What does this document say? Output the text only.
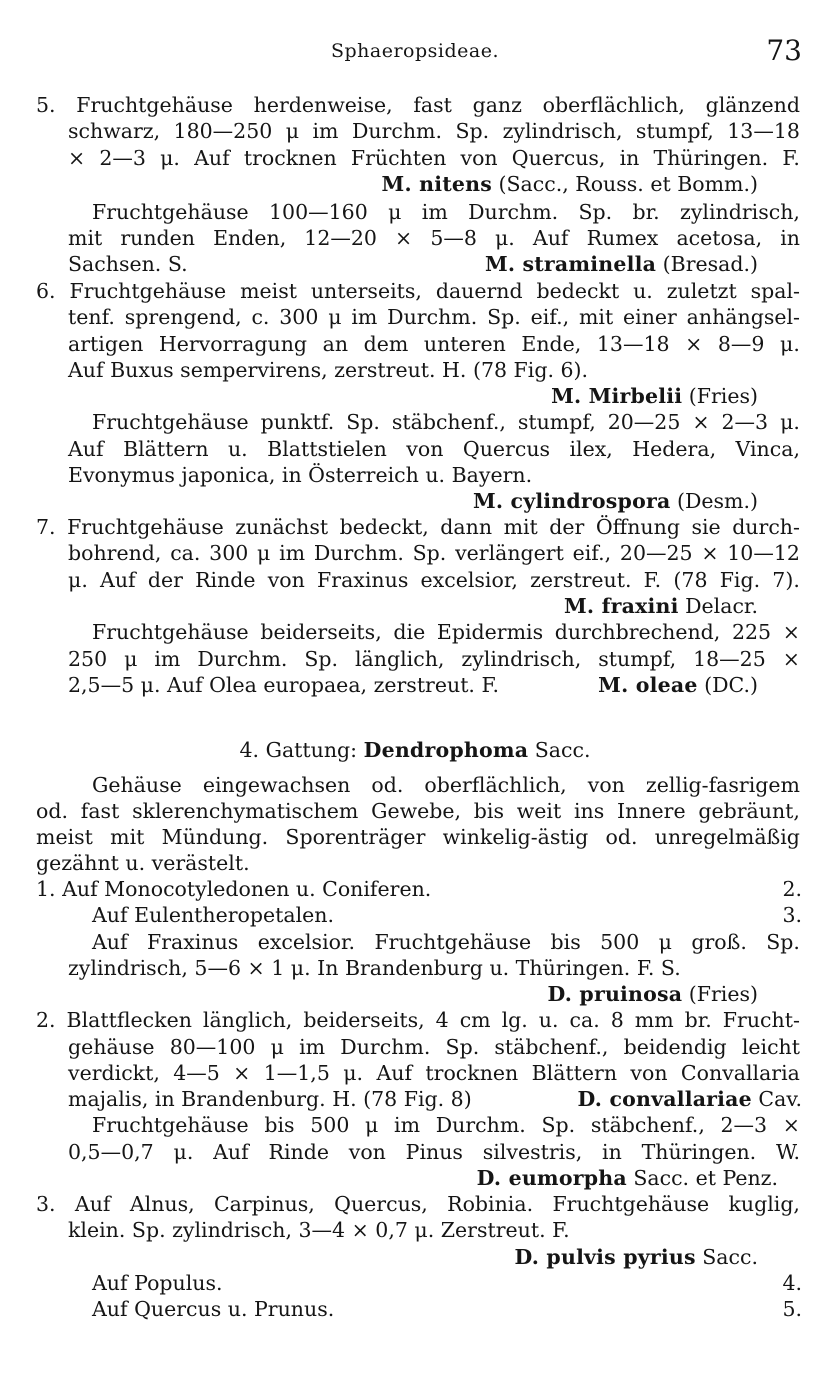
Sphaeropsideae.	73
5. Fruchtgehäuse herdenweise, fast ganz oberflächlich, glänzend
schwarz, 180—250 μ im Durchm. Sp. zylindrisch, stumpf, 13—18
× 2—3 μ. Auf trocknen Früchten von Quercus, in Thüringen. F.
M. nitens (Sacc., Rouss. et Bomm.)
Fruchtgehäuse 100—160 μ im Durchm. Sp. br. zylindrisch,
mit runden Enden, 12—20 × 5—8 μ. Auf Rumex acetosa, in
Sachsen. S.	M. straminella (Bresad.)
6. Fruchtgehäuse meist unterseits, dauernd bedeckt u. zuletzt spal-
tenf. sprengend, c. 300 μ im Durchm. Sp. eif., mit einer anhängsel-
artigen Hervorragung an dem unteren Ende, 13—18 × 8—9 μ.
Auf Buxus sempervirens, zerstreut. H. (78 Fig. 6).
M. Mirbelii (Fries)
Fruchtgehäuse punktf. Sp. stäbchenf., stumpf, 20—25 × 2—3 μ.
Auf Blättern u. Blattstielen von Quercus ilex, Hedera, Vinca,
Evonymus japonica, in Österreich u. Bayern.
M. cylindrospora (Desm.)
7. Fruchtgehäuse zunächst bedeckt, dann mit der Öffnung sie durch-
bohrend, ca. 300 μ im Durchm. Sp. verlängert eif., 20—25 × 10—12
μ. Auf der Rinde von Fraxinus excelsior, zerstreut. F. (78 Fig. 7).
M. fraxini Delacr.
Fruchtgehäuse beiderseits, die Epidermis durchbrechend, 225 ×
250 μ im Durchm. Sp. länglich, zylindrisch, stumpf, 18—25 ×
2,5—5 μ. Auf Olea europaea, zerstreut. F.	M. oleae (DC.)
4. Gattung: Dendrophoma Sacc.
Gehäuse eingewachsen od. oberflächlich, von zellig-fasrigem
od. fast sklerenchymatischem Gewebe, bis weit ins Innere gebräunt,
meist mit Mündung. Sporenträger winkelig-ästig od. unregelmäßig
gezähnt u. verästelt.
1. Auf Monocotyledonen u. Coniferen.	2.
Auf Eulentheropetalen.	3.
Auf Fraxinus excelsior. Fruchtgehäuse bis 500 μ groß. Sp.
zylindrisch, 5—6 × 1 μ. In Brandenburg u. Thüringen. F. S.
D. pruinosa (Fries)
2. Blattflecken länglich, beiderseits, 4 cm lg. u. ca. 8 mm br. Frucht-
gehäuse 80—100 μ im Durchm. Sp. stäbchenf., beidendig leicht
verdickt, 4—5 × 1—1,5 μ. Auf trocknen Blättern von Convallaria
majalis, in Brandenburg. H. (78 Fig. 8)	D. convallariae Cav.
Fruchtgehäuse bis 500 μ im Durchm. Sp. stäbchenf., 2—3 ×
0,5—0,7 μ. Auf Rinde von Pinus silvestris, in Thüringen. W.
D. eumorpha Sacc. et Penz.
3. Auf Alnus, Carpinus, Quercus, Robinia. Fruchtgehäuse kuglig,
klein. Sp. zylindrisch, 3—4 × 0,7 μ. Zerstreut. F.
D. pulvis pyrius Sacc.
Auf Populus.	4.
Auf Quercus u. Prunus.	5.
